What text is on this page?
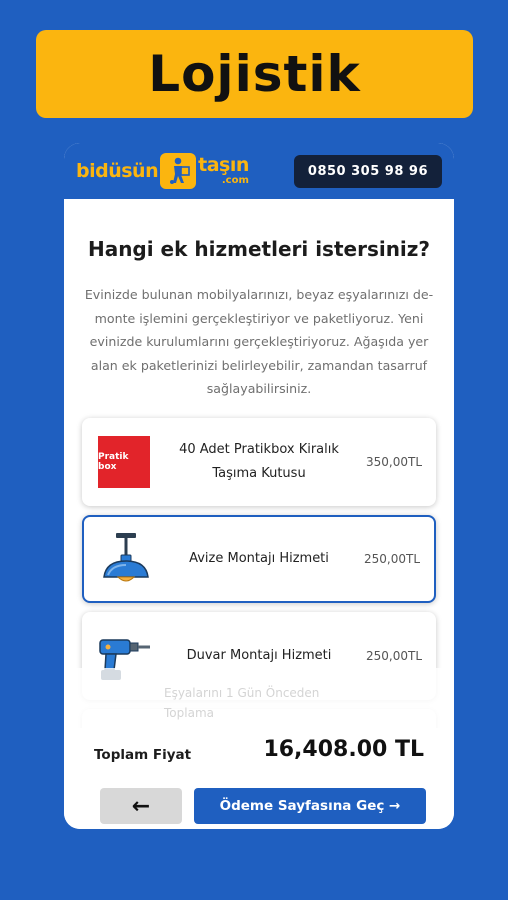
Lojistik
bidüsün taşın
.com
0850 305 98 96
Hangi ek hizmetleri istersiniz?
Evinizde bulunan mobilyalarınızı, beyaz eşyalarınızı de-monte işlemini gerçekleştiriyor ve paketliyoruz. Yeni evinizde kurulumlarını gerçekleştiriyoruz. Ağaşıda yer alan ek paketlerinizi belirleyebilir, zamandan tasarruf sağlayabilirsiniz.
Pratik box
40 Adet Pratikbox Kiralık Taşıma Kutusu
350,00TL
Avize Montajı Hizmeti	250,00TL
Duvar Montajı Hizmeti	250,00TL
Eşyalarını 1 Gün Önceden
Toplama
Toplam Fiyat	16,408.00 TL
←	Ödeme Sayfasına Geç →
